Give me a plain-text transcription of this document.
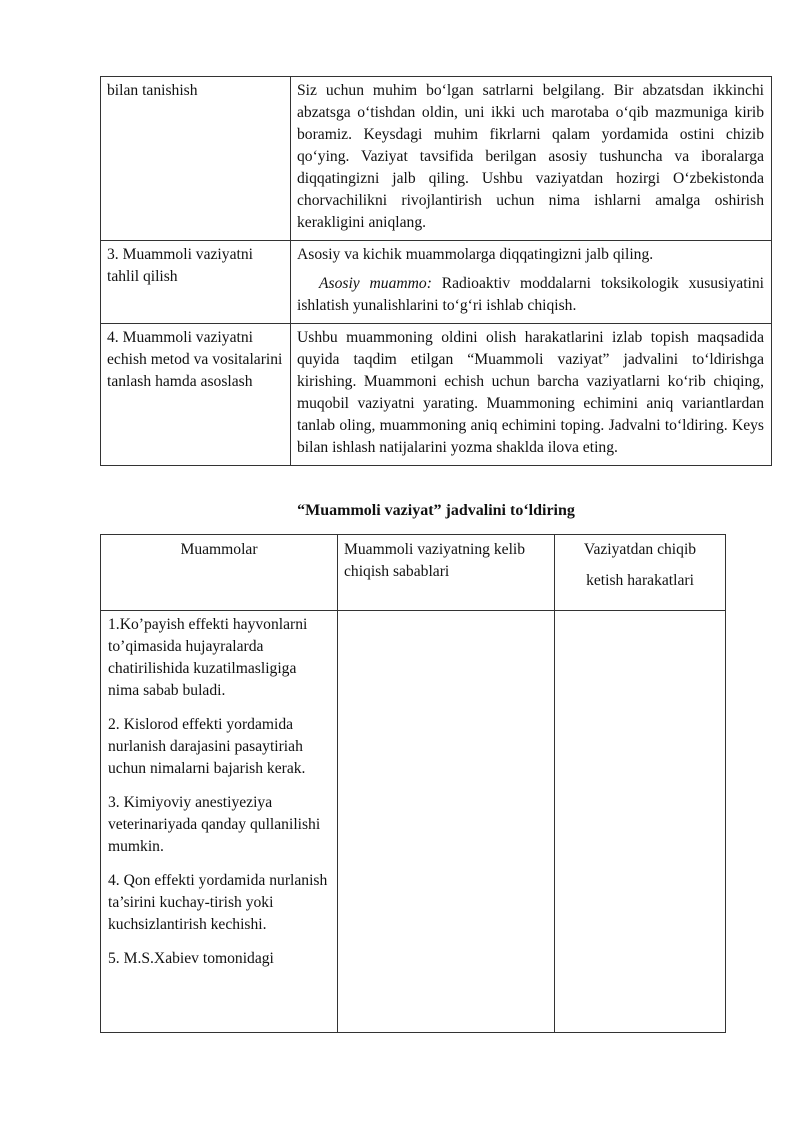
bilan tanishish	Siz uchun muhim bo‘lgan satrlarni belgilang. Bir abzatsdan ikkinchi abzatsga o‘tishdan oldin, uni ikki uch marotaba o‘qib mazmuniga kirib boramiz. Keysdagi muhim fikrlarni qalam yordamida ostini chizib qo‘ying. Vaziyat tavsifida berilgan asosiy tushuncha va iboralarga diqqatingizni jalb qiling. Ushbu vaziyatdan hozirgi O‘zbekistonda chorvachilikni rivojlantirish uchun nima ishlarni amalga oshirish kerakligini aniqlang.

3. Muammoli vaziyatni tahlil qilish	Asosiy va kichik muammolarga diqqatingizni jalb qiling.

Asosiy muammo: Radioaktiv moddalarni toksikologik xususiyatini ishlatish yunalishlarini to‘g‘ri ishlab chiqish.

4. Muammoli vaziyatni echish metod va vositalarini tanlash hamda asoslash	Ushbu muammoning oldini olish harakatlarini izlab topish maqsadida quyida taqdim etilgan “Muammoli vaziyat” jadvalini to‘ldirishga kirishing. Muammoni echish uchun barcha vaziyatlarni ko‘rib chiqing, muqobil vaziyatni yarating. Muammoning echimini aniq variantlardan tanlab oling, muammoning aniq echimini toping. Jadvalni to‘ldiring. Keys bilan ishlash natijalarini yozma shaklda ilova eting.

“Muammoli vaziyat” jadvalini to‘ldiring
Muammolar	Muammoli vaziyatning kelib chiqish sabablari	Vaziyatdan chiqib
ketish harakatlari

1.Ko’payish effekti hayvonlarni to’qimasida hujayralarda chatirilishida kuzatilmasligiga nima sabab buladi.

2. Kislorod effekti yordamida nurlanish darajasini pasaytiriah uchun nimalarni bajarish kerak.

3. Kimiyoviy anestiyeziya veterinariyada qanday qullanilishi mumkin.

4. Qon effekti yordamida nurlanish ta’sirini kuchay-tirish yoki kuchsizlantirish kechishi.

5. M.S.Xabiev tomonidagi		
